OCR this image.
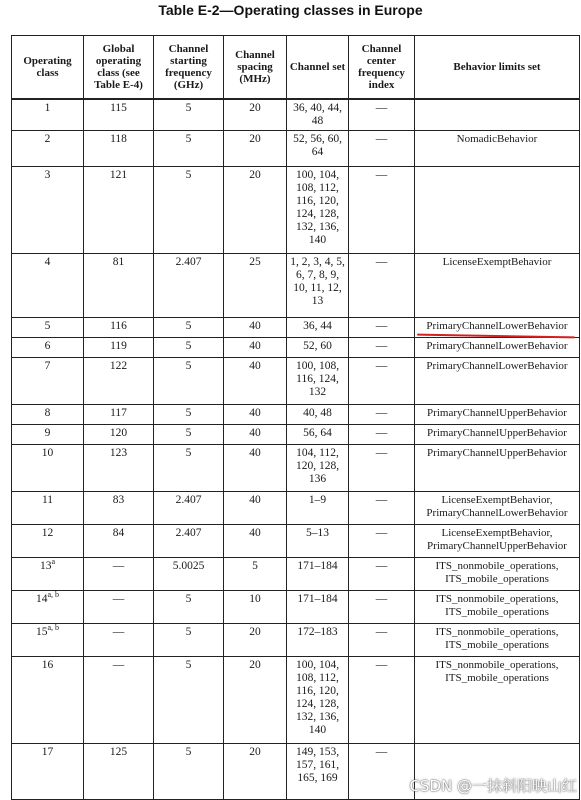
Table E-2—Operating classes in Europe
Operating class	Global operating class (see Table E-4)	Channel starting frequency (GHz)	Channel spacing (MHz)	Channel set	Channel center frequency index	Behavior limits set
1	115	5	20	36, 40, 44, 48	—	

2	118	5	20	52, 56, 60, 64	—	NomadicBehavior

3	121	5	20	100, 104, 108, 112, 116, 120, 124, 128, 132, 136, 140	—	

4	81	2.407	25	1, 2, 3, 4, 5, 6, 7, 8, 9, 10, 11, 12, 13	—	LicenseExemptBehavior

5	116	5	40	36, 44	—	PrimaryChannelLowerBehavior

6	119	5	40	52, 60	—	PrimaryChannelLowerBehavior

7	122	5	40	100, 108, 116, 124, 132	—	PrimaryChannelLowerBehavior

8	117	5	40	40, 48	—	PrimaryChannelUpperBehavior

9	120	5	40	56, 64	—	PrimaryChannelUpperBehavior

10	123	5	40	104, 112, 120, 128, 136	—	PrimaryChannelUpperBehavior

11	83	2.407	40	1–9	—	LicenseExemptBehavior,
PrimaryChannelLowerBehavior

12	84	2.407	40	5–13	—	LicenseExemptBehavior,
PrimaryChannelUpperBehavior

13$^a$	—	5.0025	5	171–184	—	ITS_nonmobile_operations,
ITS_mobile_operations

14$^{a, b}$	—	5	10	171–184	—	ITS_nonmobile_operations,
ITS_mobile_operations

15$^{a, b}$	—	5	20	172–183	—	ITS_nonmobile_operations,
ITS_mobile_operations

16	—	5	20	100, 104, 108, 112, 116, 120, 124, 128, 132, 136, 140	—	ITS_nonmobile_operations,
ITS_mobile_operations

17	125	5	20	149, 153, 157, 161, 165, 169	—	
CSDN @一抹斜阳映山红
